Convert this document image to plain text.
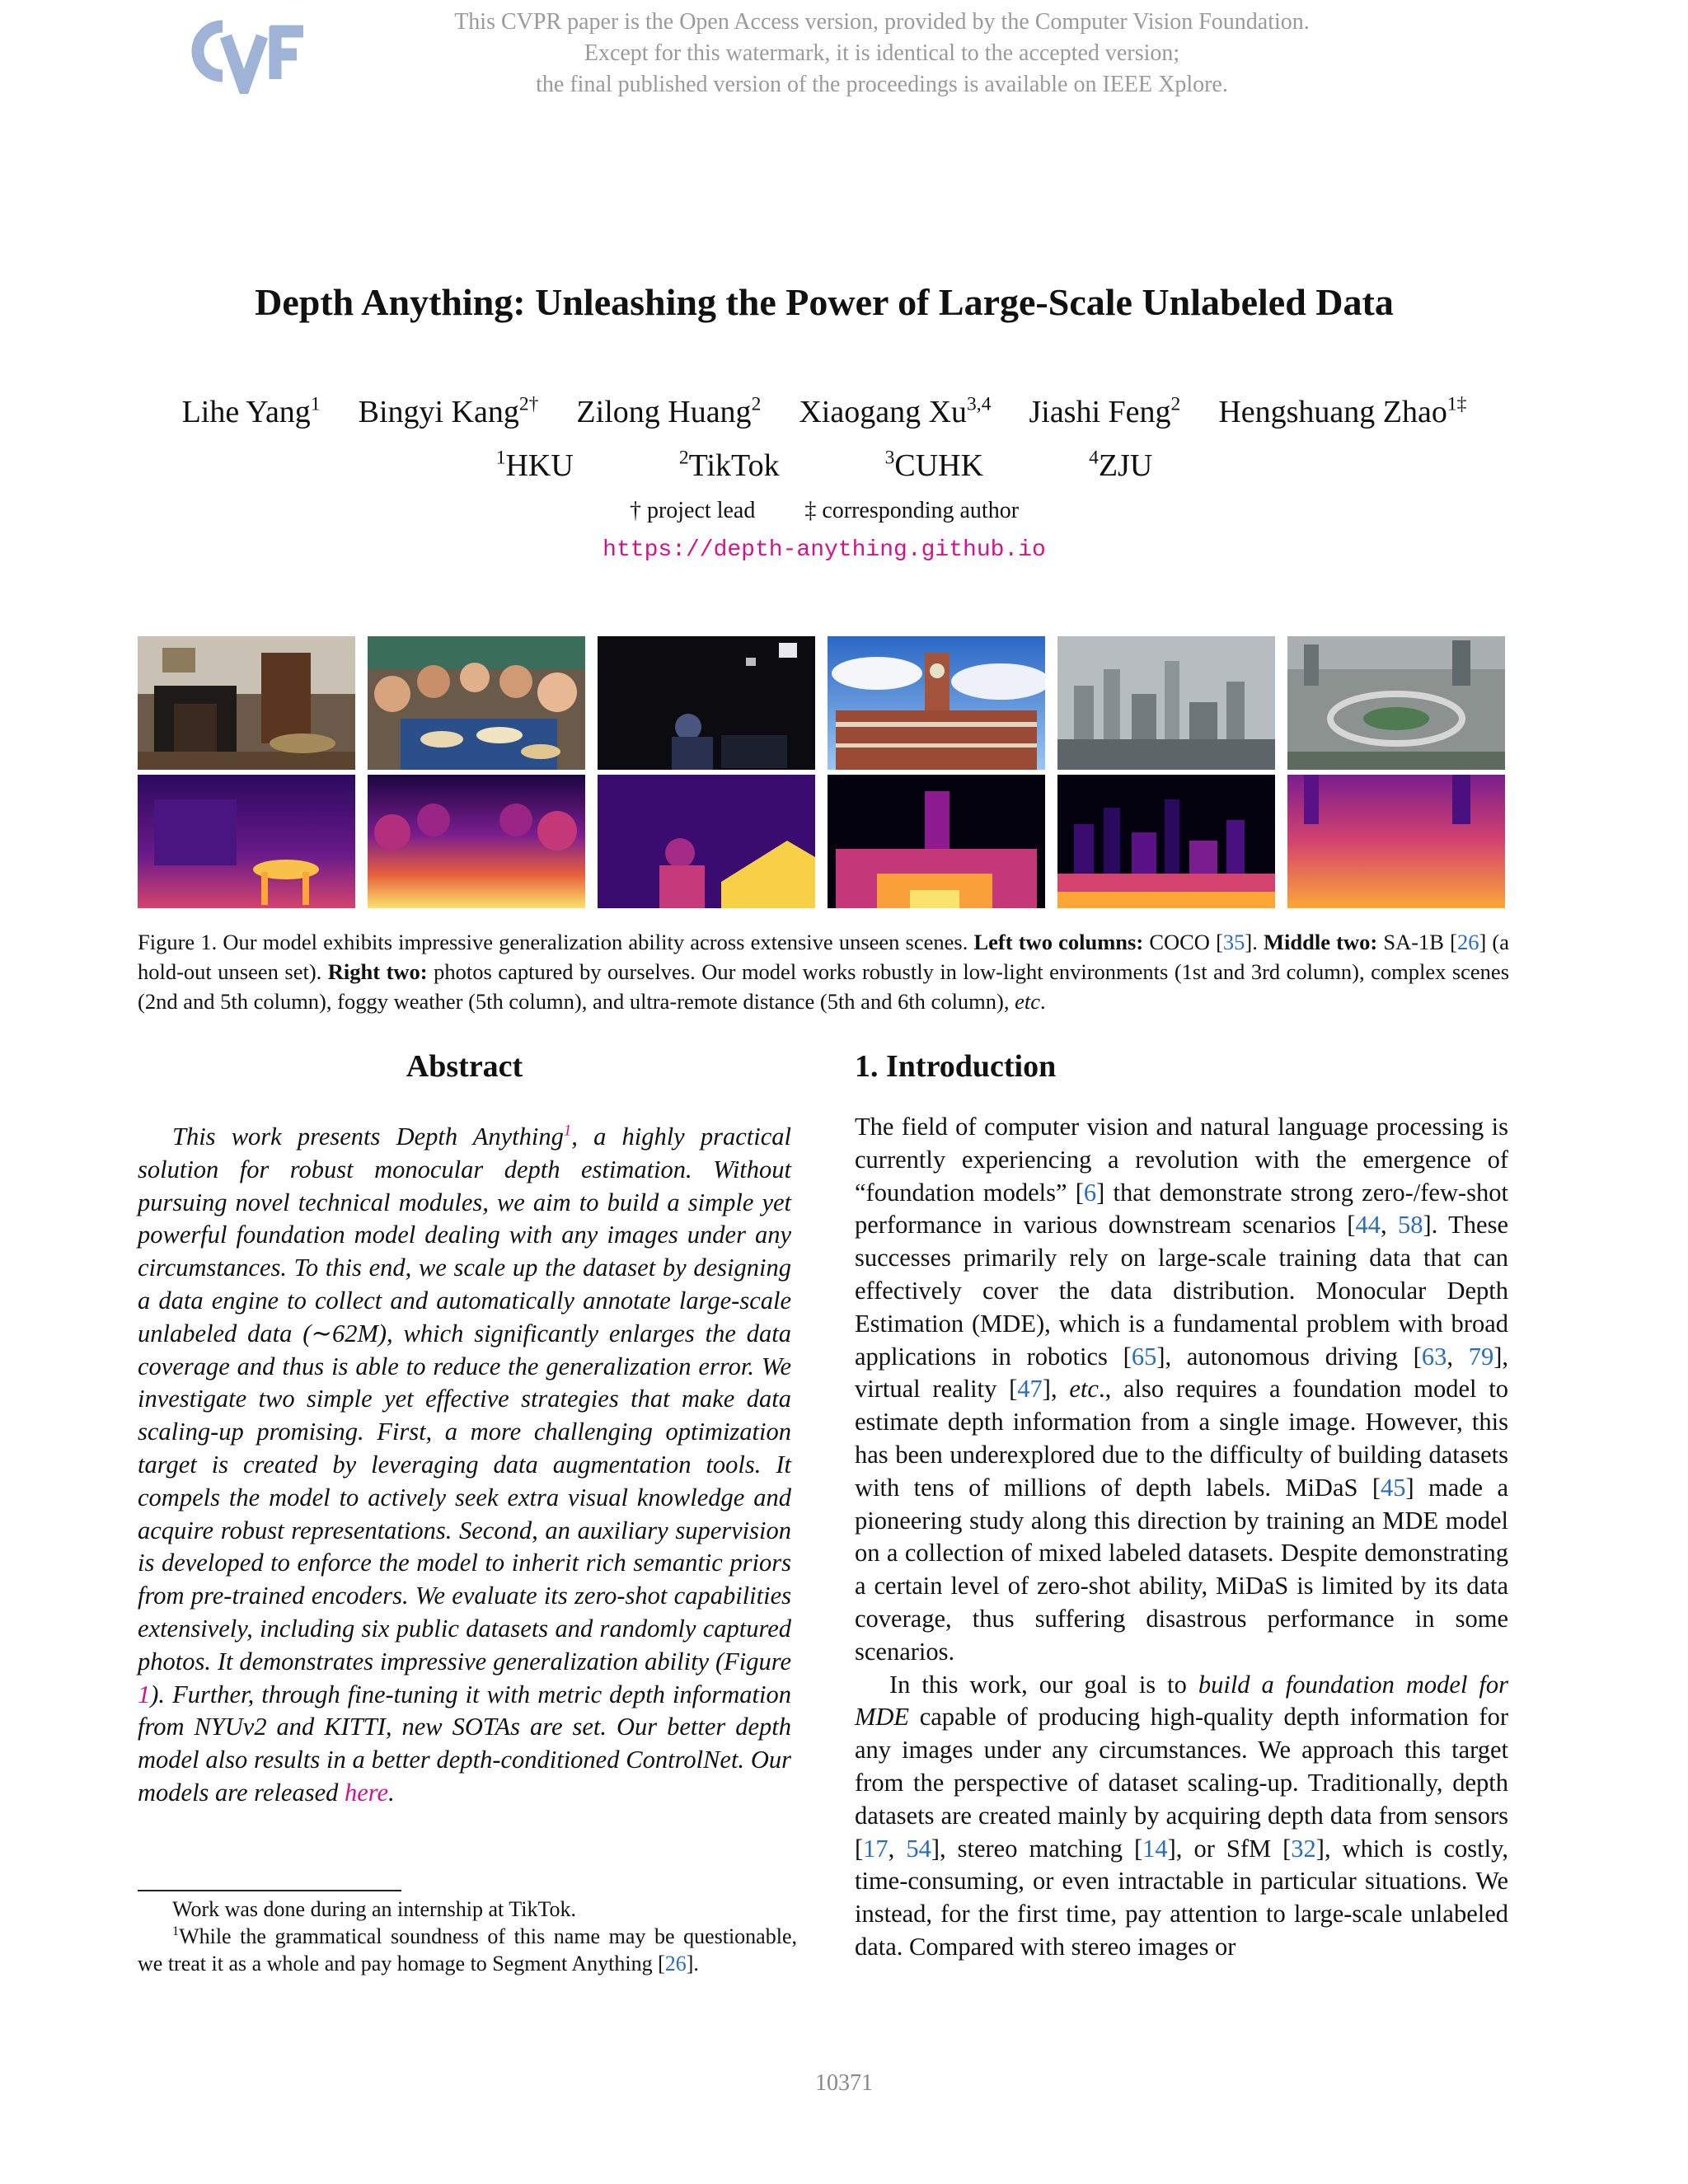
This CVPR paper is the Open Access version, provided by the Computer Vision Foundation.
Except for this watermark, it is identical to the accepted version;
the final published version of the proceedings is available on IEEE Xplore.
Depth Anything: Unleashing the Power of Large-Scale Unlabeled Data
Lihe Yang$^1$ Bingyi Kang$^{2\dagger}$ Zilong Huang$^2$ Xiaogang Xu$^{3,4}$ Jiashi Feng$^2$ Hengshuang Zhao$^{1\ddagger}$
$^1$HKU	$^2$TikTok	$^3$CUHK	$^4$ZJU
† project lead ‡ corresponding author
https://depth-anything.github.io
Figure 1. Our model exhibits impressive generalization ability across extensive unseen scenes. Left two columns: COCO [35]. Middle two: SA-1B [26] (a hold-out unseen set). Right two: photos captured by ourselves. Our model works robustly in low-light environments (1st and 3rd column), complex scenes (2nd and 5th column), foggy weather (5th column), and ultra-remote distance (5th and 6th column), etc.
Abstract

This work presents Depth Anything$^1$, a highly practical solution for robust monocular depth estimation. Without pursuing novel technical modules, we aim to build a simple yet powerful foundation model dealing with any images under any circumstances. To this end, we scale up the dataset by designing a data engine to collect and automatically annotate large-scale unlabeled data (∼62M), which significantly enlarges the data coverage and thus is able to reduce the generalization error. We investigate two simple yet effective strategies that make data scaling-up promising. First, a more challenging optimization target is created by leveraging data augmentation tools. It compels the model to actively seek extra visual knowledge and acquire robust representations. Second, an auxiliary supervision is developed to enforce the model to inherit rich semantic priors from pre-trained encoders. We evaluate its zero-shot capabilities extensively, including six public datasets and randomly captured photos. It demonstrates impressive generalization ability (Figure 1). Further, through fine-tuning it with metric depth information from NYUv2 and KITTI, new SOTAs are set. Our better depth model also results in a better depth-conditioned ControlNet. Our models are released here.

Work was done during an internship at TikTok.
$^1$While the grammatical soundness of this name may be questionable, we treat it as a whole and pay homage to Segment Anything [26].
1. Introduction

The field of computer vision and natural language processing is currently experiencing a revolution with the emergence of “foundation models” [6] that demonstrate strong zero-/few-shot performance in various downstream scenarios [44, 58]. These successes primarily rely on large-scale training data that can effectively cover the data distribution. Monocular Depth Estimation (MDE), which is a fundamental problem with broad applications in robotics [65], autonomous driving [63, 79], virtual reality [47], etc., also requires a foundation model to estimate depth information from a single image. However, this has been underexplored due to the difficulty of building datasets with tens of millions of depth labels. MiDaS [45] made a pioneering study along this direction by training an MDE model on a collection of mixed labeled datasets. Despite demonstrating a certain level of zero-shot ability, MiDaS is limited by its data coverage, thus suffering disastrous performance in some scenarios.

In this work, our goal is to build a foundation model for MDE capable of producing high-quality depth information for any images under any circumstances. We approach this target from the perspective of dataset scaling-up. Traditionally, depth datasets are created mainly by acquiring depth data from sensors [17, 54], stereo matching [14], or SfM [32], which is costly, time-consuming, or even intractable in particular situations. We instead, for the first time, pay attention to large-scale unlabeled data. Compared with stereo images or

10371
